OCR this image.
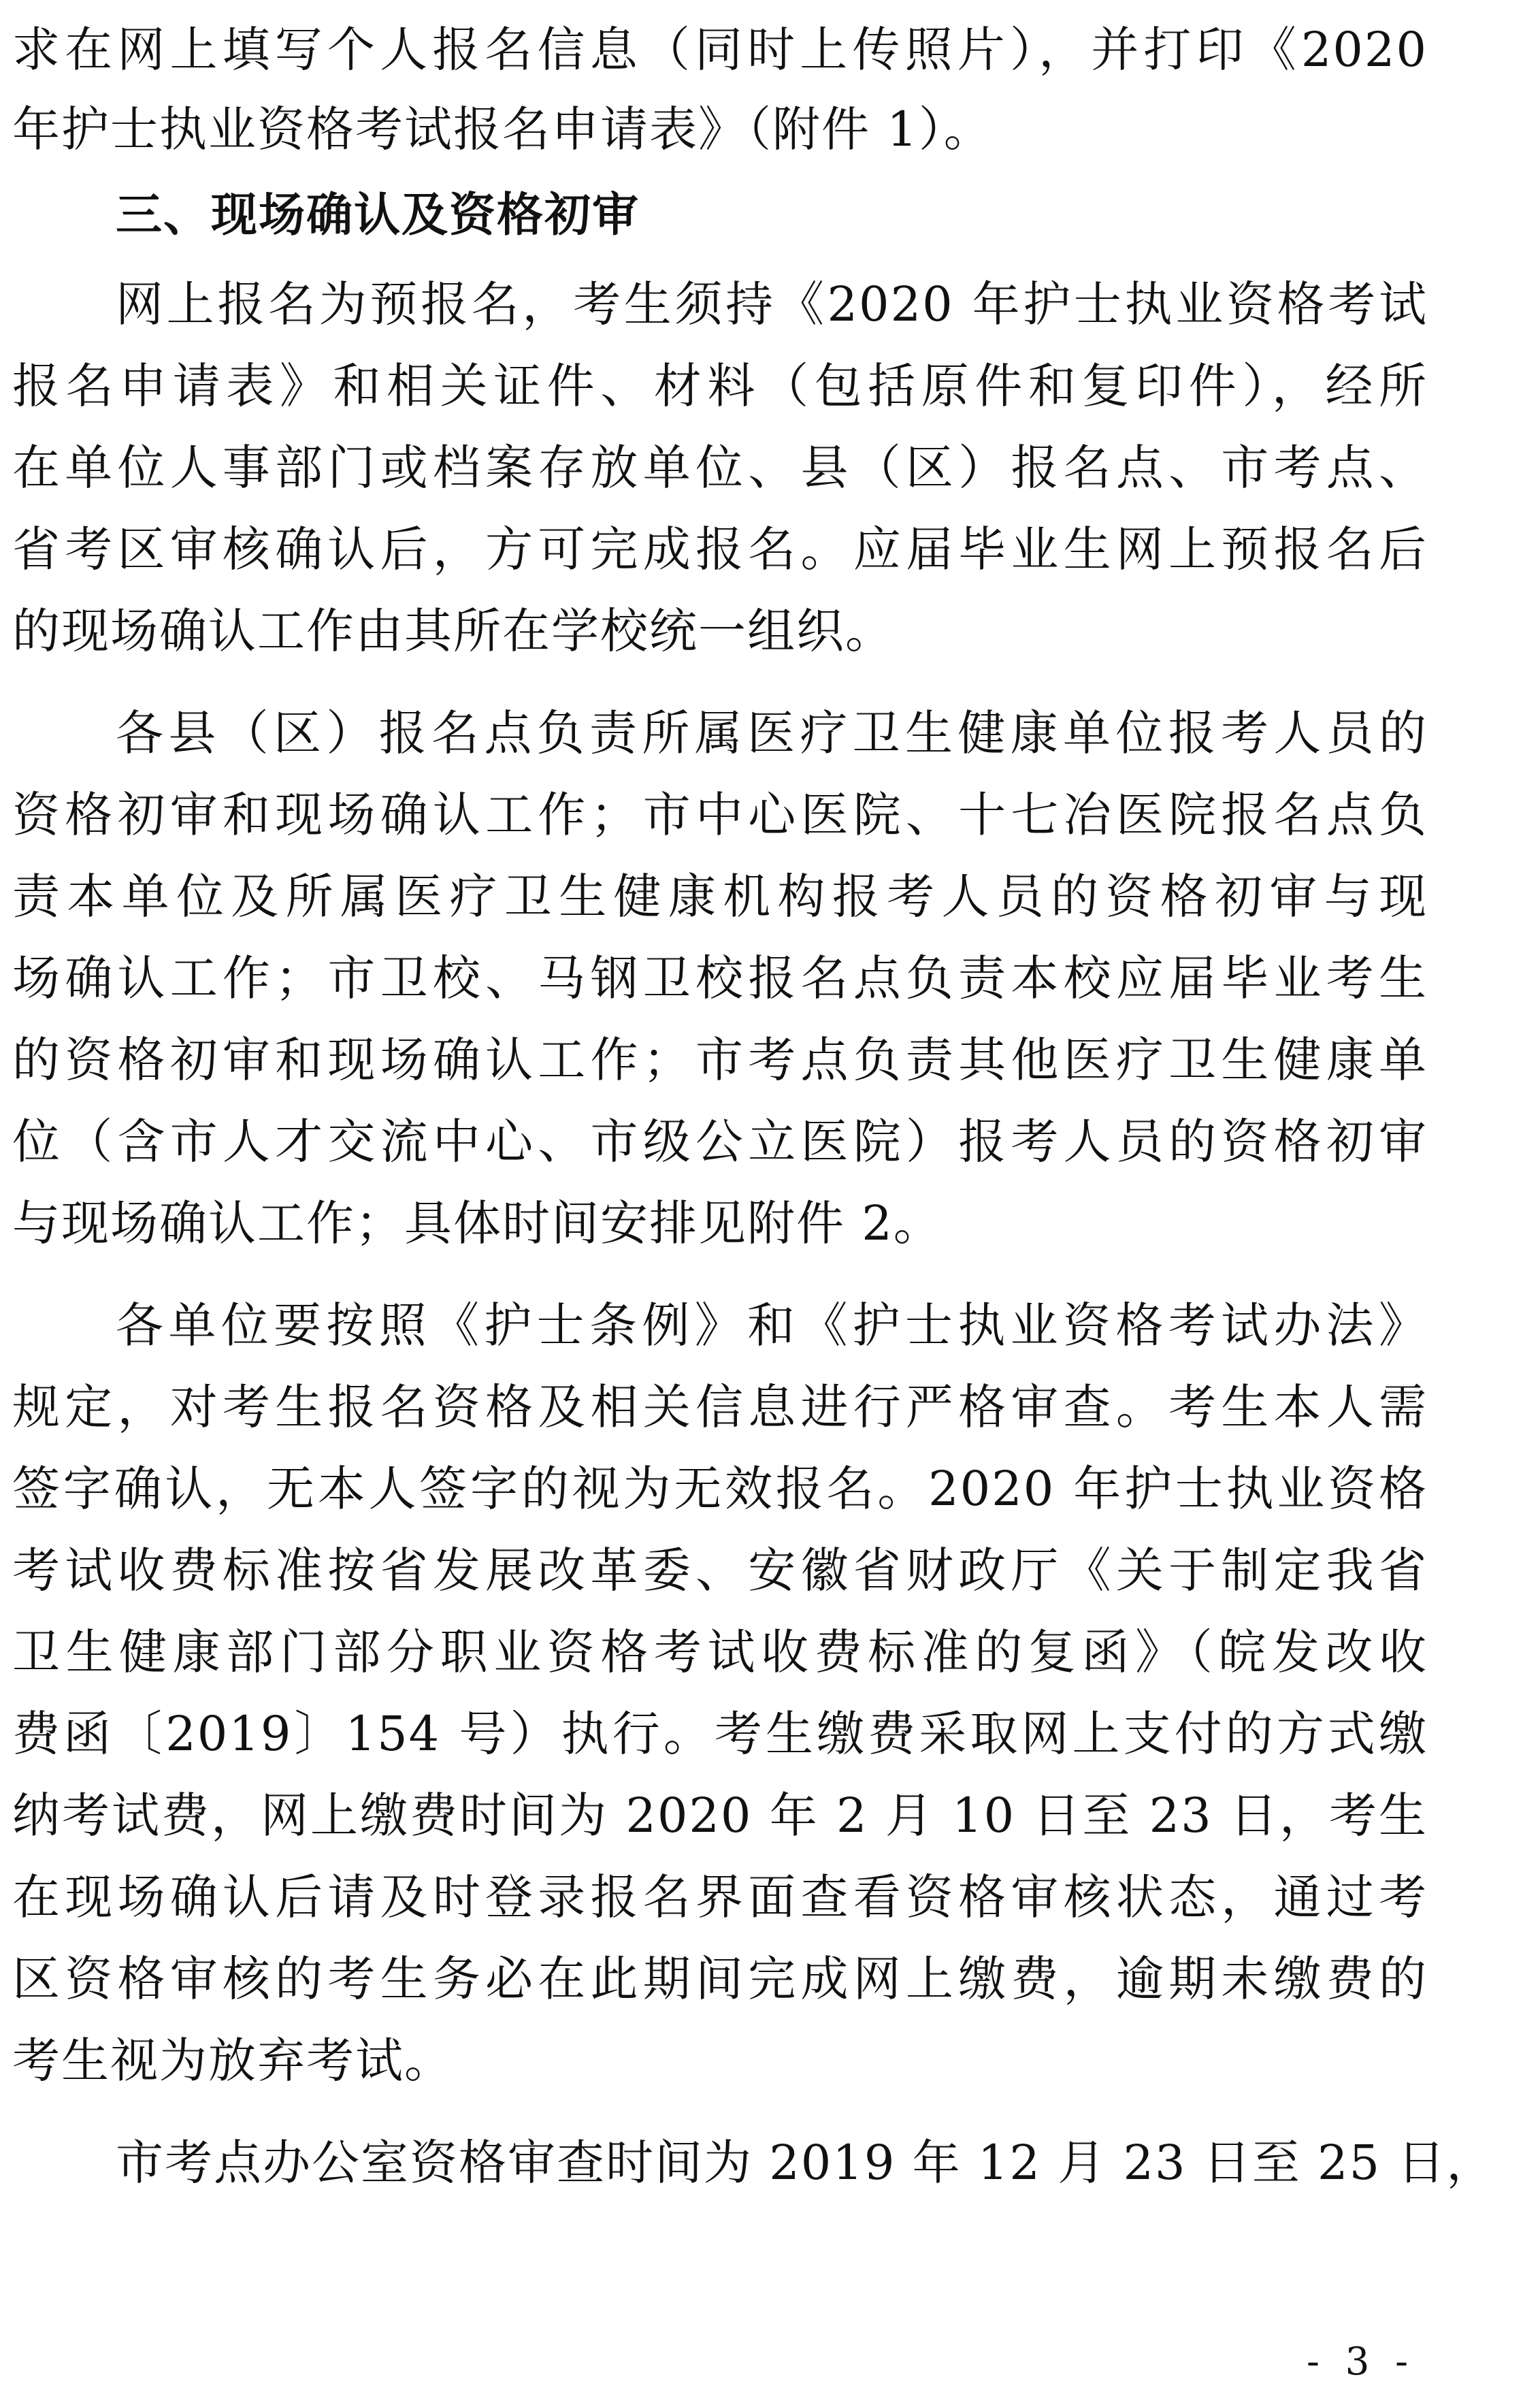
求在网上填写个人报名信息（同时上传照片），并打印《2020
年护士执业资格考试报名申请表》（附件 1）。
三、现场确认及资格初审
网上报名为预报名，考生须持《2020 年护士执业资格考试
报名申请表》和相关证件、材料（包括原件和复印件），经所
在单位人事部门或档案存放单位、县（区）报名点、市考点、
省考区审核确认后，方可完成报名。应届毕业生网上预报名后
的现场确认工作由其所在学校统一组织。
各县（区）报名点负责所属医疗卫生健康单位报考人员的
资格初审和现场确认工作；市中心医院、十七冶医院报名点负
责本单位及所属医疗卫生健康机构报考人员的资格初审与现
场确认工作；市卫校、马钢卫校报名点负责本校应届毕业考生
的资格初审和现场确认工作；市考点负责其他医疗卫生健康单
位（含市人才交流中心、市级公立医院）报考人员的资格初审
与现场确认工作；具体时间安排见附件 2。
各单位要按照《护士条例》和《护士执业资格考试办法》
规定，对考生报名资格及相关信息进行严格审查。考生本人需
签字确认，无本人签字的视为无效报名。2020 年护士执业资格
考试收费标准按省发展改革委、安徽省财政厅《关于制定我省
卫生健康部门部分职业资格考试收费标准的复函》（皖发改收
费函〔2019〕154 号）执行。考生缴费采取网上支付的方式缴
纳考试费，网上缴费时间为 2020 年 2 月 10 日至 23 日，考生
在现场确认后请及时登录报名界面查看资格审核状态，通过考
区资格审核的考生务必在此期间完成网上缴费，逾期未缴费的
考生视为放弃考试。
市考点办公室资格审查时间为 2019 年 12 月 23 日至 25 日，
- 3 -
